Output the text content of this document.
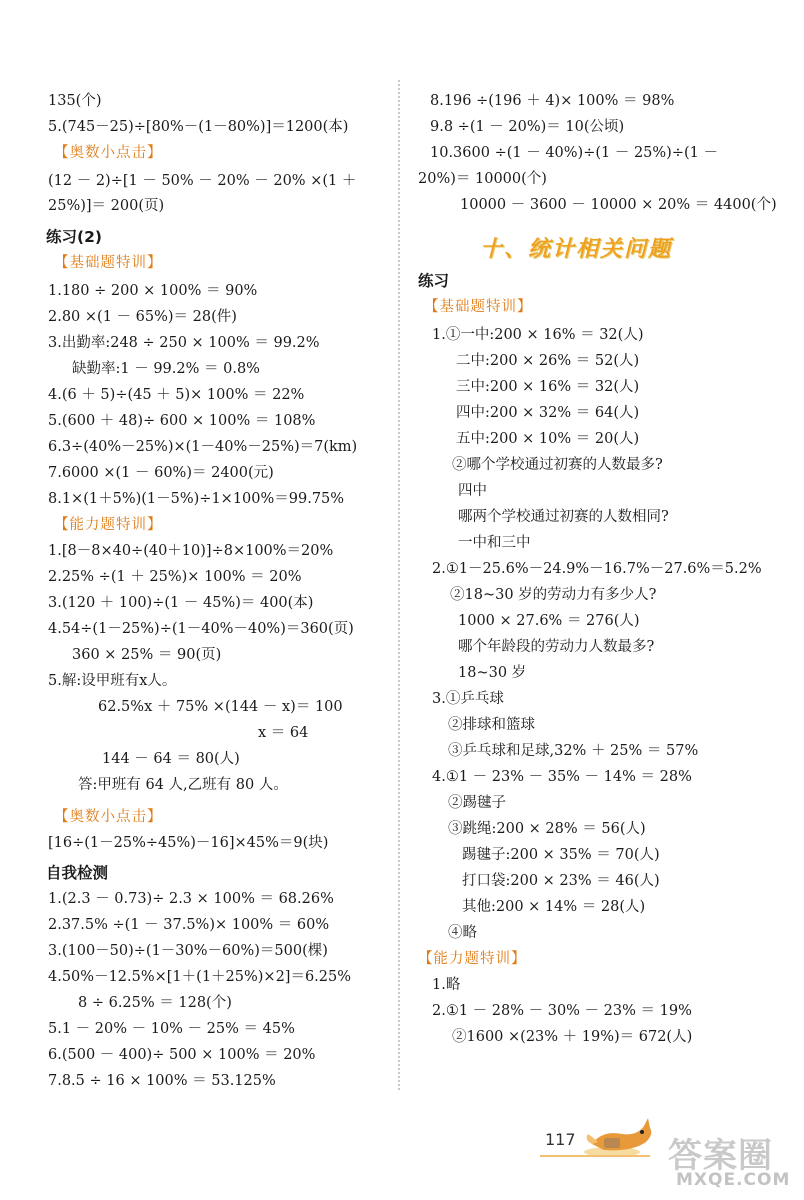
135(个)
5.(745－25)÷[80%－(1－80%)]＝1200(本)
【奥数小点击】
(12 － 2)÷[1 － 50% － 20% － 20% ×(1 ＋
25%)]＝ 200(页)
练习(2)
【基础题特训】
1.180 ÷ 200 × 100% ＝ 90%
2.80 ×(1 － 65%)＝ 28(件)
3.出勤率:248 ÷ 250 × 100% ＝ 99.2%
缺勤率:1 － 99.2% ＝ 0.8%
4.(6 ＋ 5)÷(45 ＋ 5)× 100% ＝ 22%
5.(600 ＋ 48)÷ 600 × 100% ＝ 108%
6.3÷(40%－25%)×(1－40%－25%)＝7(km)
7.6000 ×(1 － 60%)＝ 2400(元)
8.1×(1＋5%)(1－5%)÷1×100%＝99.75%
【能力题特训】
1.[8－8×40÷(40＋10)]÷8×100%＝20%
2.25% ÷(1 ＋ 25%)× 100% ＝ 20%
3.(120 ＋ 100)÷(1 － 45%)＝ 400(本)
4.54÷(1－25%)÷(1－40%－40%)＝360(页)
360 × 25% ＝ 90(页)
5.解:设甲班有x人。
62.5%x ＋ 75% ×(144 － x)＝ 100
x ＝ 64
144 － 64 ＝ 80(人)
答:甲班有 64 人,乙班有 80 人。
【奥数小点击】
[16÷(1－25%÷45%)－16]×45%＝9(块)
自我检测
1.(2.3 － 0.73)÷ 2.3 × 100% ＝ 68.26%
2.37.5% ÷(1 － 37.5%)× 100% ＝ 60%
3.(100－50)÷(1－30%－60%)＝500(棵)
4.50%－12.5%×[1＋(1＋25%)×2]＝6.25%
8 ÷ 6.25% ＝ 128(个)
5.1 － 20% － 10% － 25% ＝ 45%
6.(500 － 400)÷ 500 × 100% ＝ 20%
7.8.5 ÷ 16 × 100% ＝ 53.125%
8.196 ÷(196 ＋ 4)× 100% ＝ 98%
9.8 ÷(1 － 20%)＝ 10(公顷)
10.3600 ÷(1 － 40%)÷(1 － 25%)÷(1 －
20%)＝ 10000(个)
10000 － 3600 － 10000 × 20% ＝ 4400(个)
练习
【基础题特训】
1.①一中:200 × 16% ＝ 32(人)
二中:200 × 26% ＝ 52(人)
三中:200 × 16% ＝ 32(人)
四中:200 × 32% ＝ 64(人)
五中:200 × 10% ＝ 20(人)
②哪个学校通过初赛的人数最多?
四中
哪两个学校通过初赛的人数相同?
一中和三中
2.①1－25.6%－24.9%－16.7%－27.6%＝5.2%
②18~30 岁的劳动力有多少人?
1000 × 27.6% ＝ 276(人)
哪个年龄段的劳动力人数最多?
18~30 岁
3.①乒乓球
②排球和篮球
③乒乓球和足球,32% ＋ 25% ＝ 57%
4.①1 － 23% － 35% － 14% ＝ 28%
②踢毽子
③跳绳:200 × 28% ＝ 56(人)
踢毽子:200 × 35% ＝ 70(人)
打口袋:200 × 23% ＝ 46(人)
其他:200 × 14% ＝ 28(人)
④略
【能力题特训】
1.略
2.①1 － 28% － 30% － 23% ＝ 19%
②1600 ×(23% ＋ 19%)＝ 672(人)
十、统计相关问题
117	答案圈
MXQE.COM
